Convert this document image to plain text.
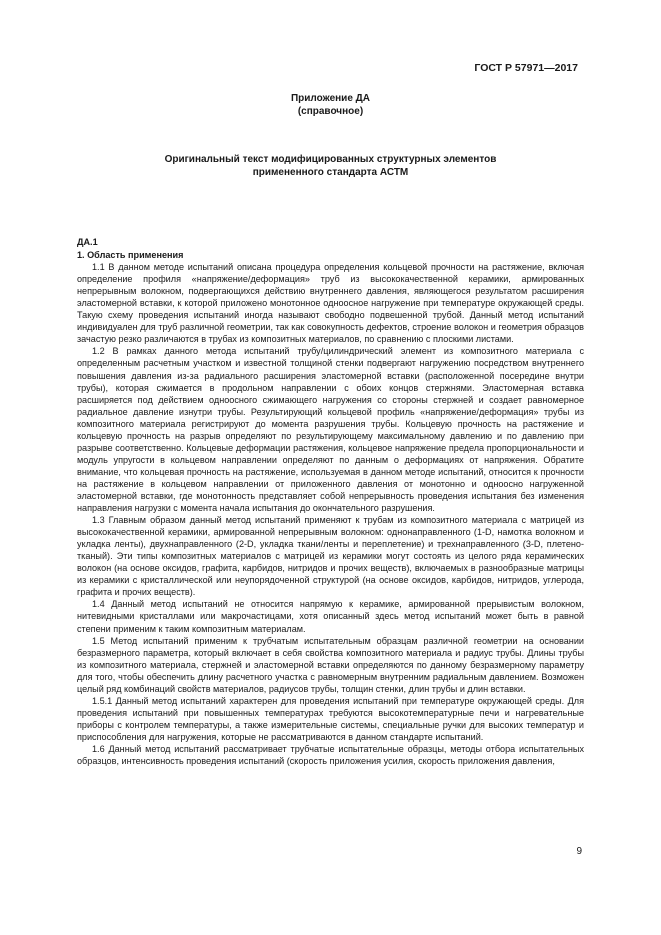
ГОСТ Р 57971—2017
Приложение ДА
(справочное)
Оригинальный текст модифицированных структурных элементов
примененного стандарта АСТМ

ДА.1

1. Область применения

1.1 В данном методе испытаний описана процедура определения кольцевой прочности на растяжение, включая определение профиля «напряжение/деформация» труб из высококачественной керамики, армированных непрерывным волокном, подвергающихся действию внутреннего давления, являющегося результатом расширения эластомерной вставки, к которой приложено монотонное одноосное нагружение при температуре окружающей среды. Такую схему проведения испытаний иногда называют свободно подвешенной трубой. Данный метод испытаний индивидуален для труб различной геометрии, так как совокупность дефектов, строение волокон и геометрия образцов зачастую резко различаются в трубах из композитных материалов, по сравнению с плоскими листами.

1.2 В рамках данного метода испытаний трубу/цилиндрический элемент из композитного материала с определенным расчетным участком и известной толщиной стенки подвергают нагружению посредством внутреннего повышения давления из-за радиального расширения эластомерной вставки (расположенной посередине внутри трубы), которая сжимается в продольном направлении с обоих концов стержнями. Эластомерная вставка расширяется под действием одноосного сжимающего нагружения со стороны стержней и создает равномерное радиальное давление изнутри трубы. Результирующий кольцевой профиль «напряжение/деформация» трубы из композитного материала регистрируют до момента разрушения трубы. Кольцевую прочность на растяжение и кольцевую прочность на разрыв определяют по результирующему максимальному давлению и по давлению при разрыве соответственно. Кольцевые деформации растяжения, кольцевое напряжение предела пропорциональности и модуль упругости в кольцевом направлении определяют по данным о деформациях от напряжения. Обратите внимание, что кольцевая прочность на растяжение, используемая в данном методе испытаний, относится к прочности на растяжение в кольцевом направлении от приложенного давления от монотонно и одноосно нагруженной эластомерной вставки, где монотонность представляет собой непрерывность проведения испытания без изменения направления нагрузки с момента начала испытания до окончательного разрушения.

1.3 Главным образом данный метод испытаний применяют к трубам из композитного материала с матрицей из высококачественной керамики, армированной непрерывным волокном: однонаправленного (1-D, намотка волокном и укладка ленты), двухнаправленного (2-D, укладка ткани/ленты и переплетение) и трехнаправленного (3-D, плетено-тканый). Эти типы композитных материалов с матрицей из керамики могут состоять из целого ряда керамических волокон (на основе оксидов, графита, карбидов, нитридов и прочих веществ), включаемых в разнообразные матрицы из керамики с кристаллической или неупорядоченной структурой (на основе оксидов, карбидов, нитридов, углерода, графита и прочих веществ).

1.4 Данный метод испытаний не относится напрямую к керамике, армированной прерывистым волокном, нитевидными кристаллами или макрочастицами, хотя описанный здесь метод испытаний может быть в равной степени применим к таким композитным материалам.

1.5 Метод испытаний применим к трубчатым испытательным образцам различной геометрии на основании безразмерного параметра, который включает в себя свойства композитного материала и радиус трубы. Длины трубы из композитного материала, стержней и эластомерной вставки определяются по данному безразмерному параметру для того, чтобы обеспечить длину расчетного участка с равномерным внутренним радиальным давлением. Возможен целый ряд комбинаций свойств материалов, радиусов трубы, толщин стенки, длин трубы и длин вставки.

1.5.1 Данный метод испытаний характерен для проведения испытаний при температуре окружающей среды. Для проведения испытаний при повышенных температурах требуются высокотемпературные печи и нагревательные приборы с контролем температуры, а также измерительные системы, специальные ручки для высоких температур и приспособления для нагружения, которые не рассматриваются в данном стандарте испытаний.

1.6 Данный метод испытаний рассматривает трубчатые испытательные образцы, методы отбора испытательных образцов, интенсивность проведения испытаний (скорость приложения усилия, скорость приложения давления,

9
